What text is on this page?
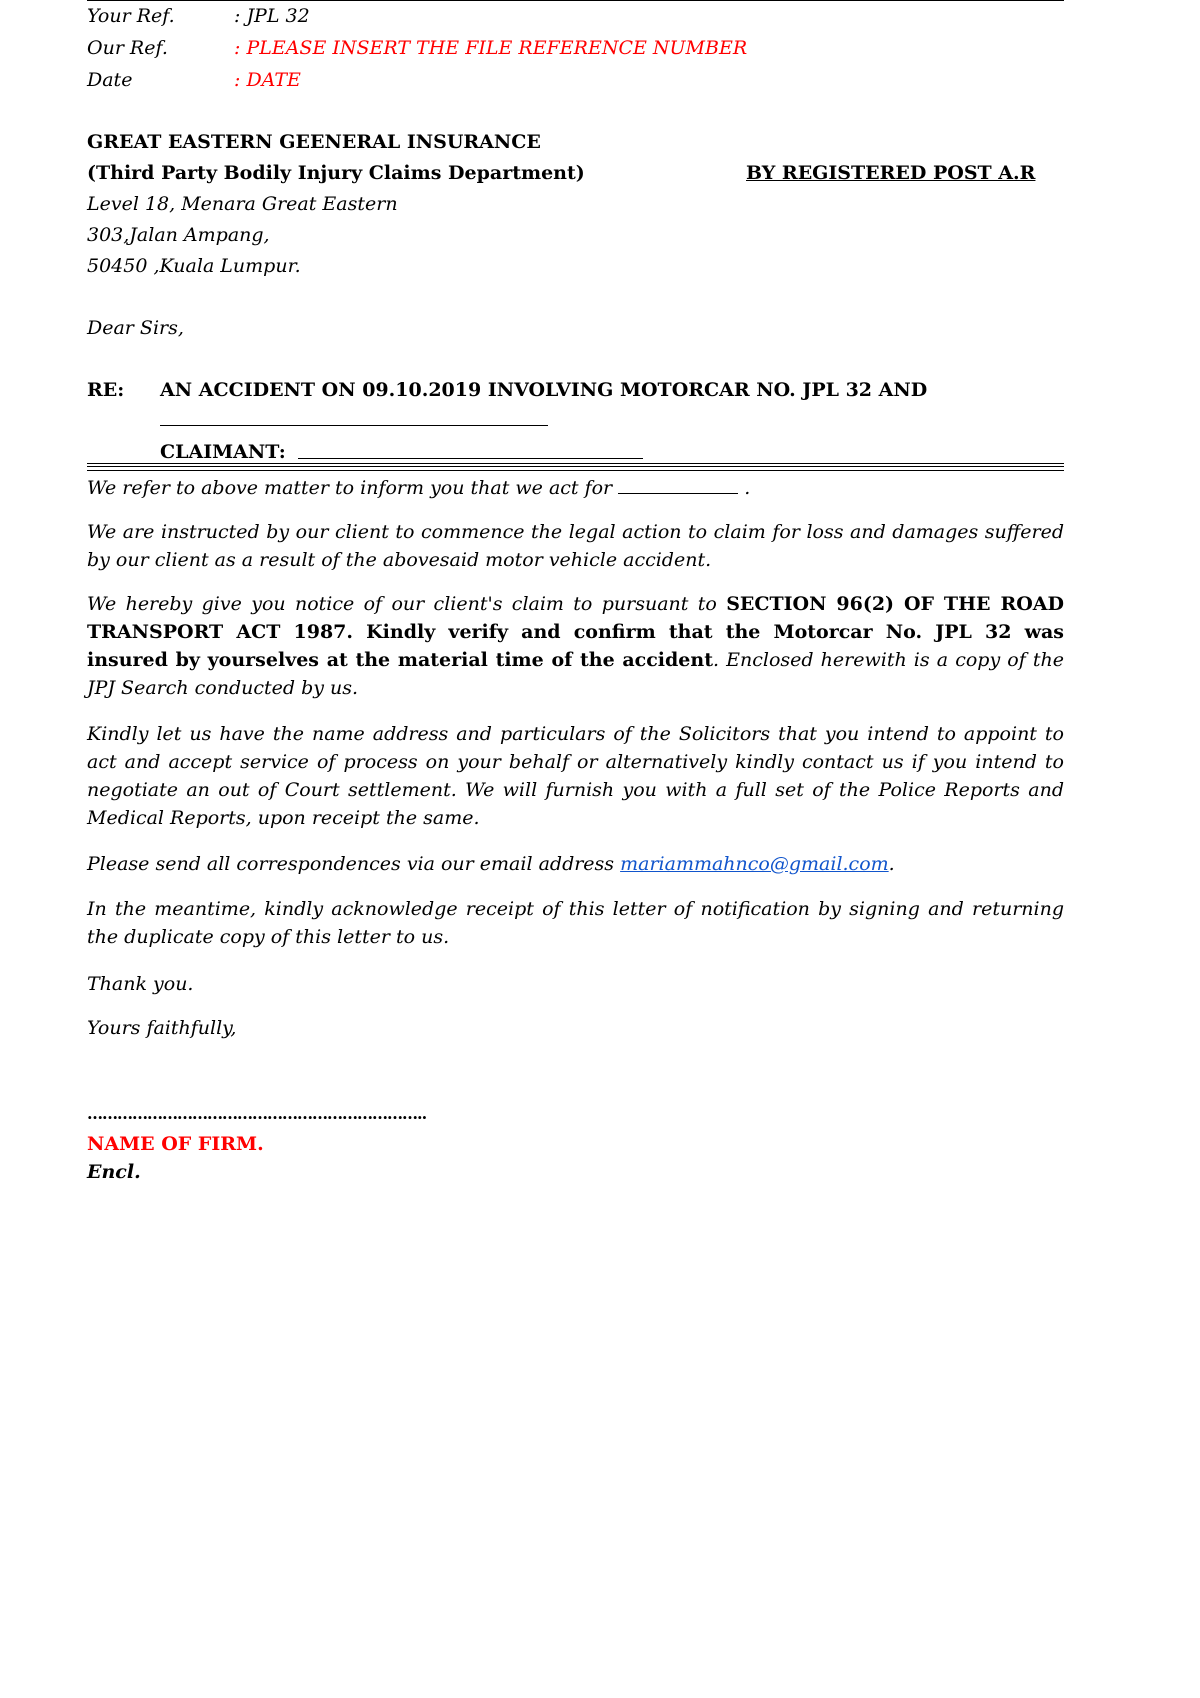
Your Ref.	: JPL 32
Our Ref.	: PLEASE INSERT THE FILE REFERENCE NUMBER
Date	: DATE
GREAT EASTERN GEENERAL INSURANCE
(Third Party Bodily Injury Claims Department)	BY REGISTERED POST A.R
Level 18, Menara Great Eastern
303,Jalan Ampang,
50450 ,Kuala Lumpur.
Dear Sirs,
RE: AN ACCIDENT ON 09.10.2019 INVOLVING MOTORCAR NO. JPL 32 AND
CLAIMANT:

We refer to above matter to inform you that we act for	.

We are instructed by our client to commence the legal action to claim for loss and damages suffered by our client as a result of the abovesaid motor vehicle accident.

We hereby give you notice of our client's claim to pursuant to SECTION 96(2) OF THE ROAD TRANSPORT ACT 1987. Kindly verify and confirm that the Motorcar No. JPL 32 was insured by yourselves at the material time of the accident. Enclosed herewith is a copy of the JPJ Search conducted by us.

Kindly let us have the name address and particulars of the Solicitors that you intend to appoint to act and accept service of process on your behalf or alternatively kindly contact us if you intend to negotiate an out of Court settlement. We will furnish you with a full set of the Police Reports and Medical Reports, upon receipt the same.

Please send all correspondences via our email address mariammahnco@gmail.com.

In the meantime, kindly acknowledge receipt of this letter of notification by signing and returning the duplicate copy of this letter to us.

Thank you.
Yours faithfully,
…………………………………………………………..
NAME OF FIRM.
Encl.
